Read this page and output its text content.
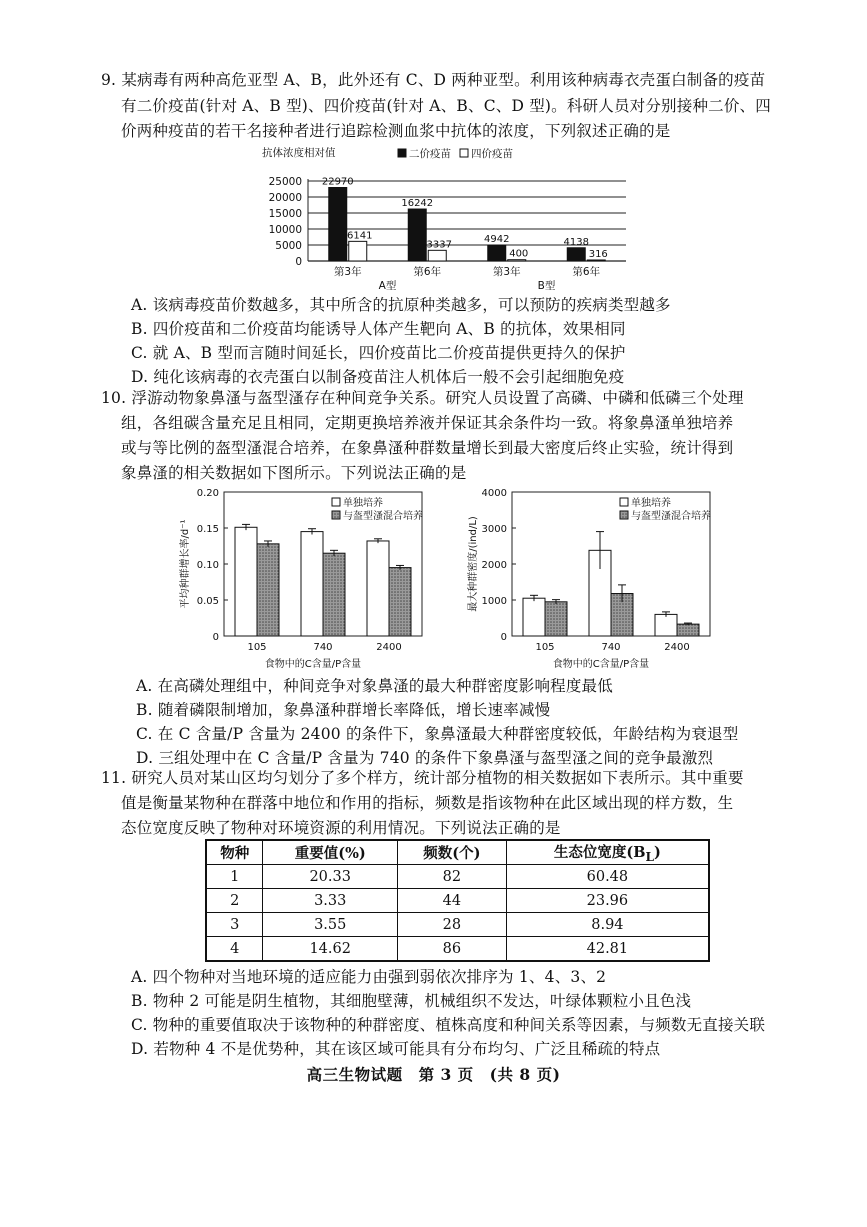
9. 某病毒有两种高危亚型 A、B，此外还有 C、D 两种亚型。利用该种病毒衣壳蛋白制备的疫苗
有二价疫苗(针对 A、B 型)、四价疫苗(针对 A、B、C、D 型)。科研人员对分别接种二价、四
价两种疫苗的若干名接种者进行追踪检测血浆中抗体的浓度，下列叙述正确的是
抗体浓度相对值	二价疫苗 四价疫苗
0
5000
10000
15000
20000
25000 22970
6141
第3年
16242
3337
第6年
4942
400
第3年
4138
316
第6年
A型	B型
A. 该病毒疫苗价数越多，其中所含的抗原种类越多，可以预防的疾病类型越多
B. 四价疫苗和二价疫苗均能诱导人体产生靶向 A、B 的抗体，效果相同
C. 就 A、B 型而言随时间延长，四价疫苗比二价疫苗提供更持久的保护
D. 纯化该病毒的衣壳蛋白以制备疫苗注人机体后一般不会引起细胞免疫
10. 浮游动物象鼻溞与盔型溞存在种间竞争关系。研究人员设置了高磷、中磷和低磷三个处理
组，各组碳含量充足且相同，定期更换培养液并保证其余条件均一致。将象鼻溞单独培养
或与等比例的盔型溞混合培养，在象鼻溞种群数量增长到最大密度后终止实验，统计得到
象鼻溞的相关数据如下图所示。下列说法正确的是
0
0.05
0.10
0.15
0.20
平均种群增长率/d⁻¹
单独培养
与盔型溞混合培养
105	740	2400
食物中的C含量/P含量
0
1000
2000
3000
4000
最大种群密度/(ind/L)
单独培养
与盔型溞混合培养
105	740	2400
食物中的C含量/P含量
A. 在高磷处理组中，种间竞争对象鼻溞的最大种群密度影响程度最低
B. 随着磷限制增加，象鼻溞种群增长率降低，增长速率减慢
C. 在 C 含量/P 含量为 2400 的条件下，象鼻溞最大种群密度较低，年龄结构为衰退型
D. 三组处理中在 C 含量/P 含量为 740 的条件下象鼻溞与盔型溞之间的竞争最激烈
11. 研究人员对某山区均匀划分了多个样方，统计部分植物的相关数据如下表所示。其中重要
值是衡量某物种在群落中地位和作用的指标，频数是指该物种在此区域出现的样方数，生
态位宽度反映了物种对环境资源的利用情况。下列说法正确的是
物种	重要值(%)	频数(个)	生态位宽度$(B_L)$
1	20.33	82	60.48
2	3.33	44	23.96
3	3.55	28	8.94
4	14.62	86	42.81
A. 四个物种对当地环境的适应能力由强到弱依次排序为 1、4、3、2
B. 物种 2 可能是阴生植物，其细胞壁薄，机械组织不发达，叶绿体颗粒小且色浅
C. 物种的重要值取决于该物种的种群密度、植株高度和种间关系等因素，与频数无直接关联
D. 若物种 4 不是优势种，其在该区域可能具有分布均匀、广泛且稀疏的特点
高三生物试题　第 3 页　(共 8 页)
